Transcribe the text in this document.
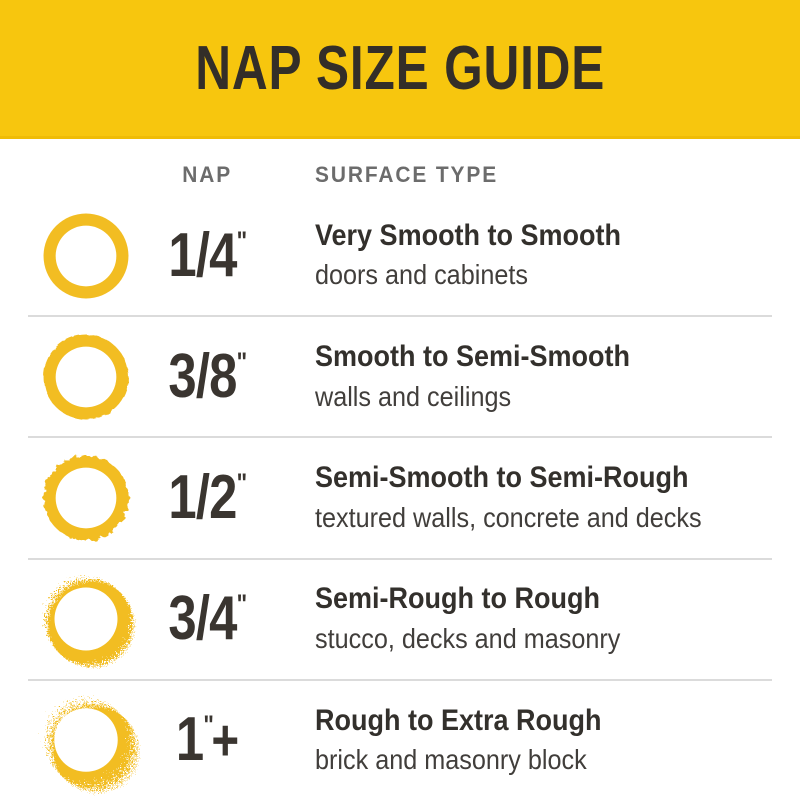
NAP SIZE GUIDE
NAP	SURFACE TYPE
1/4" Very Smooth to Smooth
doors and cabinets
3/8" Smooth to Semi-Smooth
walls and ceilings
1/2" Semi-Smooth to Semi-Rough
textured walls, concrete and decks
3/4" Semi-Rough to Rough
stucco, decks and masonry
1"+	Rough to Extra Rough
brick and masonry block
